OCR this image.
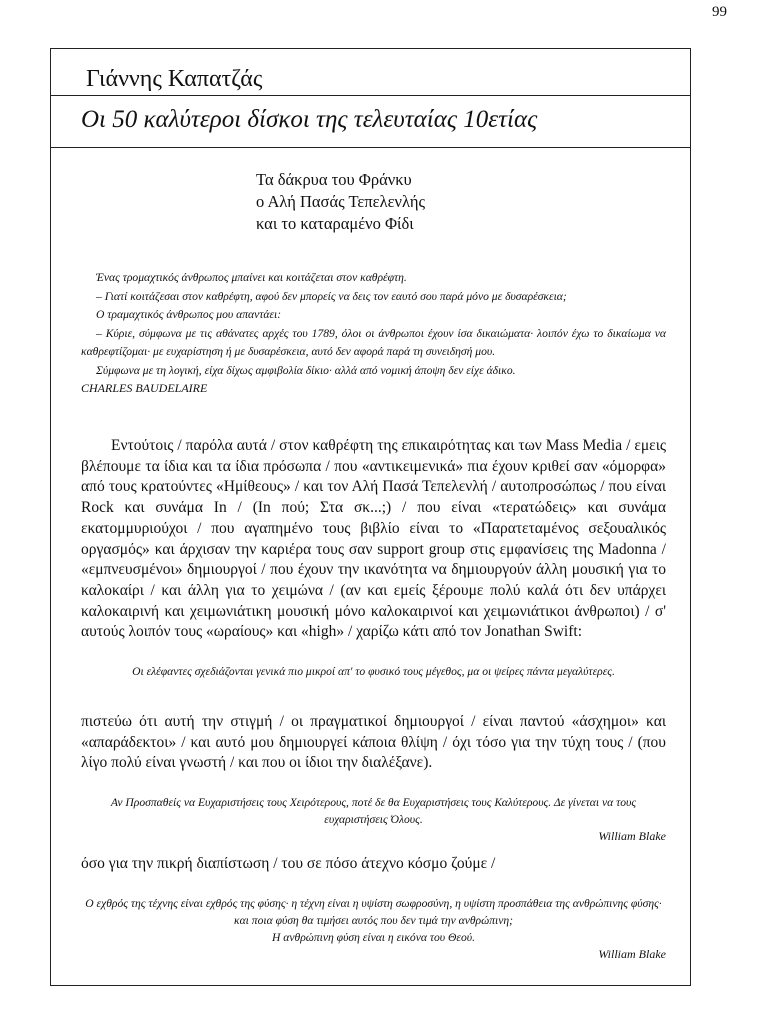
99
Γιάννης Καπατζάς
Οι 50 καλύτεροι δίσκοι της τελευταίας 10ετίας
Τα δάκρυα του Φράνκυ
ο Αλή Πασάς Τεπελενλής
και το καταραμένο Φίδι
Ένας τρομαχτικός άνθρωπος μπαίνει και κοιτάζεται στον καθρέφτη.
– Γιατί κοιτάζεσαι στον καθρέφτη, αφού δεν μπορείς να δεις τον εαυτό σου παρά μόνο με δυσαρέσκεια;
Ο τραμαχτικός άνθρωπος μου απαντάει:
– Κύριε, σύμφωνα με τις αθάνατες αρχές του 1789, όλοι οι άνθρωποι έχουν ίσα δικαιώματα· λοιπόν έχω το δικαίωμα να καθρεφτίζομαι· με ευχαρίστηση ή με δυσαρέσκεια, αυτό δεν αφορά παρά τη συνειδησή μου.
Σύμφωνα με τη λογική, είχα δίχως αμφιβολία δίκιο· αλλά από νομική άποψη δεν είχε άδικο.
CHARLES BAUDELAIRE
Εντούτοις / παρόλα αυτά / στον καθρέφτη της επικαιρότητας και των Mass Media / εμεις βλέπουμε τα ίδια και τα ίδια πρόσωπα / που «αντικειμενικά» πια έχουν κριθεί σαν «όμορφα» από τους κρατούντες «Ημίθεους» / και τον Αλή Πασά Τεπελενλή / αυτοπροσώπως / που είναι Rock και συνάμα In / (In πού; Στα σκ...;) / που είναι «τερατώδεις» και συνάμα εκατομμυριούχοι / που αγαπημένο τους βιβλίο είναι το «Παρατεταμένος σεξουαλικός οργασμός» και άρχισαν την καριέρα τους σαν support group στις εμφανίσεις της Madonna / «εμπνευσμένοι» δημιουργοί / που έχουν την ικανότητα να δημιουργούν άλλη μουσική για το καλοκαίρι / και άλλη για το χειμώνα / (αν και εμείς ξέρουμε πολύ καλά ότι δεν υπάρχει καλοκαιρινή και χειμωνιάτικη μουσική μόνο καλοκαιρινοί και χειμωνιάτικοι άνθρωποι) / σ' αυτούς λοιπόν τους «ωραίους» και «high» / χαρίζω κάτι από τον Jonathan Swift:
Οι ελέφαντες σχεδιάζονται γενικά πιο μικροί απ' το φυσικό τους μέγεθος, μα οι ψείρες πάντα μεγαλύτερες.
πιστεύω ότι αυτή την στιγμή / οι πραγματικοί δημιουργοί / είναι παντού «άσχημοι» και «απαράδεκτοι» / και αυτό μου δημιουργεί κάποια θλίψη / όχι τόσο για την τύχη τους / (που λίγο πολύ είναι γνωστή / και που οι ίδιοι την διαλέξανε).
Αν Προσπαθείς να Ευχαριστήσεις τους Χειρότερους, ποτέ δε θα Ευχαριστήσεις τους Καλύτερους. Δε γίνεται να τους ευχαριστήσεις Όλους.
William Blake
όσο για την πικρή διαπίστωση / του σε πόσο άτεχνο κόσμο ζούμε /
Ο εχθρός της τέχνης είναι εχθρός της φύσης· η τέχνη είναι η υψίστη σωφροσύνη, η υψίστη προσπάθεια της ανθρώπινης φύσης· και ποια φύση θα τιμήσει αυτός που δεν τιμά την ανθρώπινη;
Η ανθρώπινη φύση είναι η εικόνα του Θεού.
William Blake
